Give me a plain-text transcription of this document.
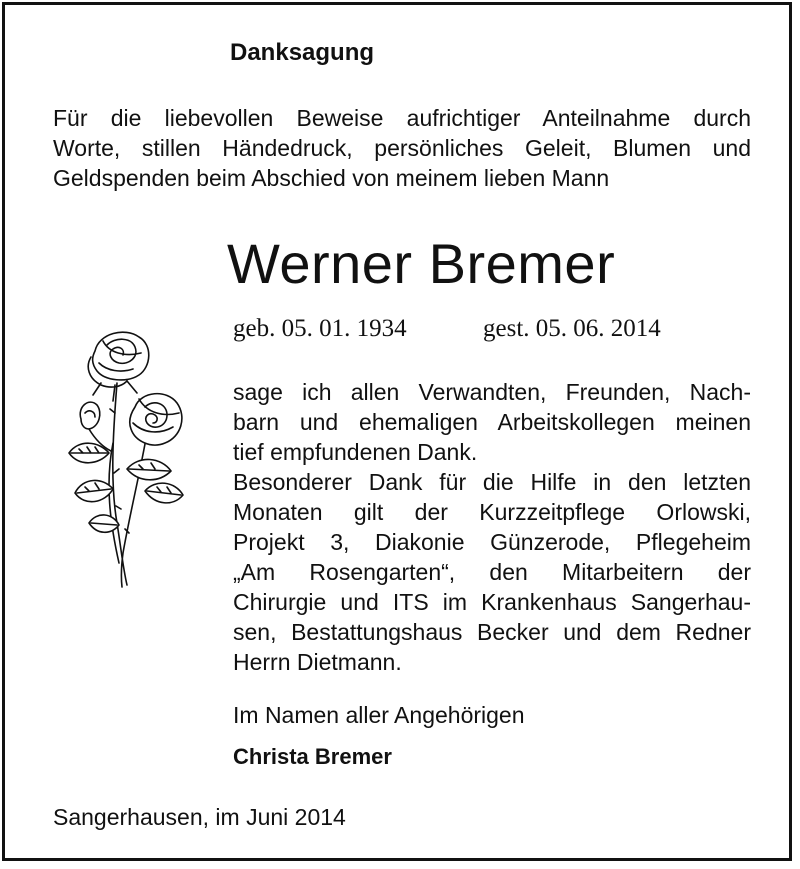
Danksagung

Für die liebevollen Beweise aufrichtiger Anteilnahme durch
Worte, stillen Händedruck, persönliches Geleit, Blumen und
Geldspenden beim Abschied von meinem lieben Mann

Werner Bremer
geb. 05. 01. 1934	gest. 05. 06. 2014

sage ich allen Verwandten, Freunden, Nach-
barn und ehemaligen Arbeitskollegen meinen
tief empfundenen Dank.
Besonderer Dank für die Hilfe in den letzten
Monaten gilt der Kurzzeitpflege Orlowski,
Projekt 3, Diakonie Günzerode, Pflegeheim
„Am Rosengarten“, den Mitarbeitern der
Chirurgie und ITS im Krankenhaus Sangerhau-
sen, Bestattungshaus Becker und dem Redner
Herrn Dietmann.

Im Namen aller Angehörigen

Christa Bremer

Sangerhausen, im Juni 2014
